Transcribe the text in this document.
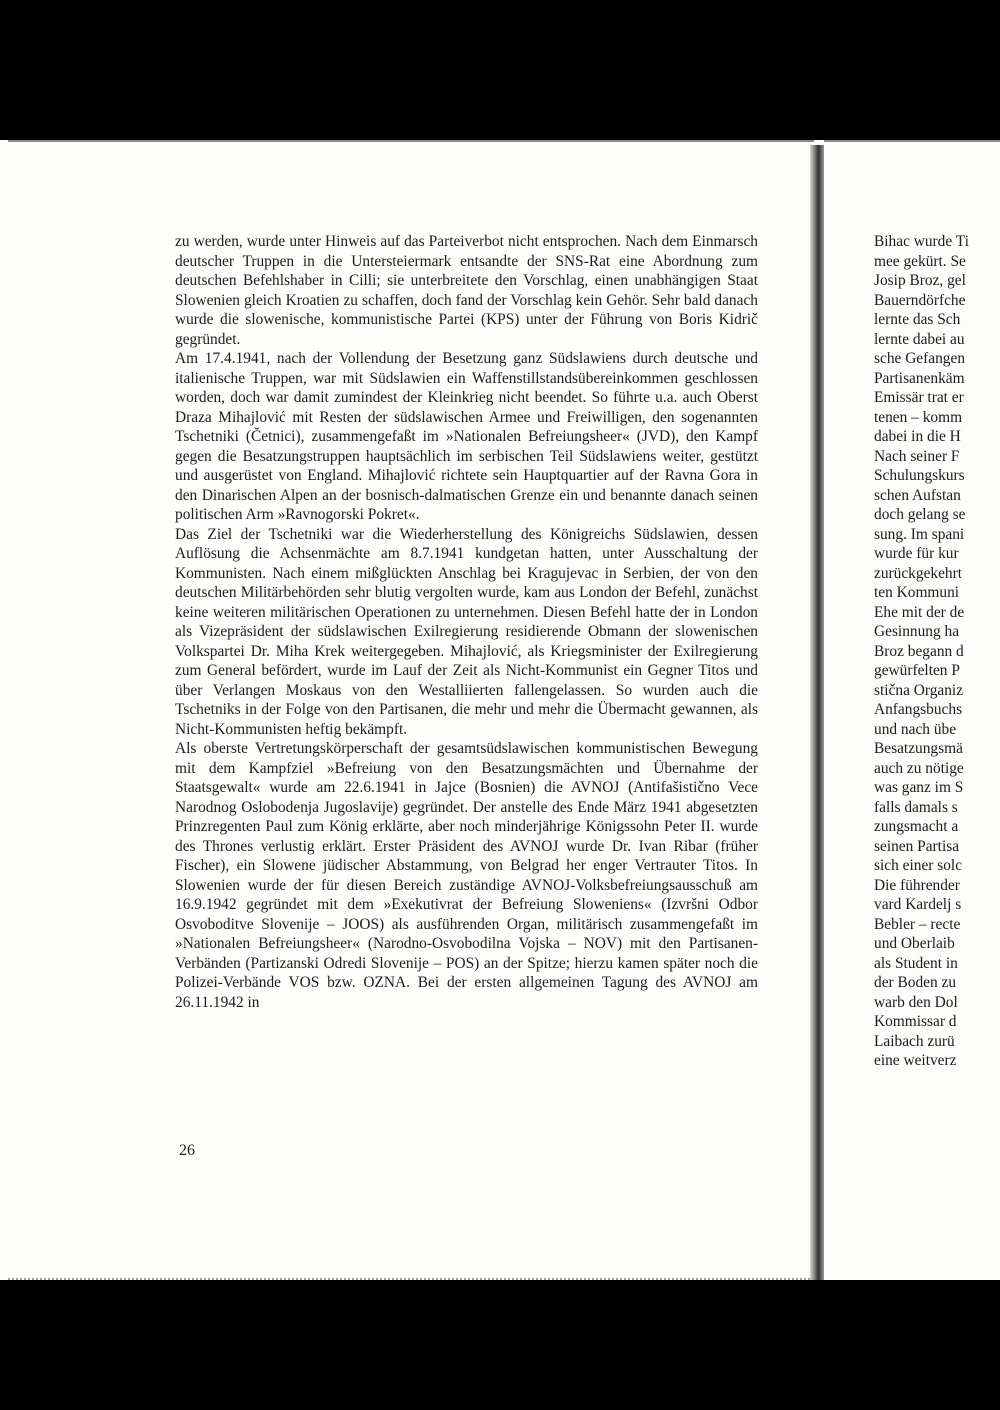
zu werden, wurde unter Hinweis auf das Parteiverbot nicht entsprochen. Nach dem Einmarsch deutscher Truppen in die Untersteiermark entsandte der SNS-Rat eine Abordnung zum deutschen Befehlshaber in Cilli; sie unterbreitete den Vorschlag, einen unabhängigen Staat Slowenien gleich Kroatien zu schaffen, doch fand der Vorschlag kein Gehör. Sehr bald danach wurde die slowenische, kommunistische Partei (KPS) unter der Führung von Boris Kidrič gegründet.

Am 17.4.1941, nach der Vollendung der Besetzung ganz Südslawiens durch deutsche und italienische Truppen, war mit Südslawien ein Waffenstillstandsübereinkommen geschlossen worden, doch war damit zumindest der Kleinkrieg nicht beendet. So führte u.a. auch Oberst Draza Mihajlović mit Resten der südslawischen Armee und Freiwilligen, den sogenannten Tschetniki (Četnici), zusammengefaßt im »Nationalen Befreiungsheer« (JVD), den Kampf gegen die Besatzungstruppen hauptsächlich im serbischen Teil Südslawiens weiter, gestützt und ausgerüstet von England. Mihajlović richtete sein Hauptquartier auf der Ravna Gora in den Dinarischen Alpen an der bosnisch-dalmatischen Grenze ein und benannte danach seinen politischen Arm »Ravnogorski Pokret«.

Das Ziel der Tschetniki war die Wiederherstellung des Königreichs Südslawien, dessen Auflösung die Achsenmächte am 8.7.1941 kundgetan hatten, unter Ausschaltung der Kommunisten. Nach einem mißglückten Anschlag bei Kragujevac in Serbien, der von den deutschen Militärbehörden sehr blutig vergolten wurde, kam aus London der Befehl, zunächst keine weiteren militärischen Operationen zu unternehmen. Diesen Befehl hatte der in London als Vizepräsident der südslawischen Exilregierung residierende Obmann der slowenischen Volkspartei Dr. Miha Krek weitergegeben. Mihajlović, als Kriegsminister der Exilregierung zum General befördert, wurde im Lauf der Zeit als Nicht-Kommunist ein Gegner Titos und über Verlangen Moskaus von den Westalliierten fallengelassen. So wurden auch die Tschetniks in der Folge von den Partisanen, die mehr und mehr die Übermacht gewannen, als Nicht-Kommunisten heftig bekämpft.

Als oberste Vertretungskörperschaft der gesamtsüdslawischen kommunistischen Bewegung mit dem Kampfziel »Befreiung von den Besatzungsmächten und Übernahme der Staatsgewalt« wurde am 22.6.1941 in Jajce (Bosnien) die AVNOJ (Antifašistično Vece Narodnog Oslobodenja Jugoslavije) gegründet. Der anstelle des Ende März 1941 abgesetzten Prinzregenten Paul zum König erklärte, aber noch minderjährige Königssohn Peter II. wurde des Thrones verlustig erklärt. Erster Präsident des AVNOJ wurde Dr. Ivan Ribar (früher Fischer), ein Slowene jüdischer Abstammung, von Belgrad her enger Vertrauter Titos. In Slowenien wurde der für diesen Bereich zuständige AVNOJ-Volksbefreiungsausschuß am 16.9.1942 gegründet mit dem »Exekutivrat der Befreiung Sloweniens« (Izvršni Odbor Osvoboditve Slovenije – JOOS) als ausführenden Organ, militärisch zusammengefaßt im »Nationalen Befreiungsheer« (Narodno-Osvobodilna Vojska – NOV) mit den Partisanen-Verbänden (Partizanski Odredi Slovenije – POS) an der Spitze; hierzu kamen später noch die Polizei-Verbände VOS bzw. OZNA. Bei der ersten allgemeinen Tagung des AVNOJ am 26.11.1942 in

26
Bihac wurde Ti
mee gekürt. Se
Josip Broz, gel
Bauerndörfche
lernte das Sch
lernte dabei au
sche Gefangen
Partisanenkäm
Emissär trat er
tenen – komm
dabei in die H
Nach seiner F
Schulungskurs
schen Aufstan
doch gelang se
sung. Im spani
wurde für kur
zurückgekehrt
ten Kommuni
Ehe mit der de
Gesinnung ha
Broz begann d
gewürfelten P
stična Organiz
Anfangsbuchs
und nach übe
Besatzungsmä
auch zu nötige
was ganz im S
falls damals s
zungsmacht a
seinen Partisa
sich einer solc
Die führender
vard Kardelj s
Bebler – recte
und Oberlaib
als Student in
der Boden zu
warb den Dol
Kommissar d
Laibach zurü
eine weitverz
